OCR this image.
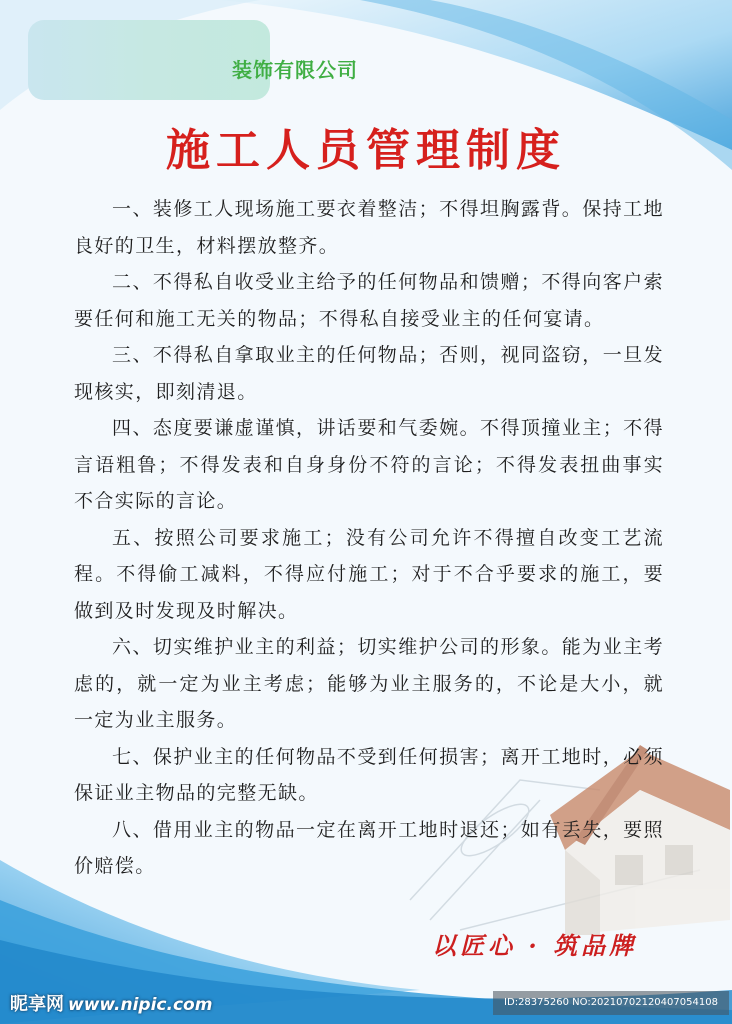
装饰有限公司
施工人员管理制度

一、装修工人现场施工要衣着整洁；不得坦胸露背。保持工地良好的卫生，材料摆放整齐。

二、不得私自收受业主给予的任何物品和馈赠；不得向客户索要任何和施工无关的物品；不得私自接受业主的任何宴请。

三、不得私自拿取业主的任何物品；否则，视同盗窃，一旦发现核实，即刻清退。

四、态度要谦虚谨慎，讲话要和气委婉。不得顶撞业主；不得言语粗鲁；不得发表和自身身份不符的言论；不得发表扭曲事实不合实际的言论。

五、按照公司要求施工；没有公司允许不得擅自改变工艺流程。不得偷工减料，不得应付施工；对于不合乎要求的施工，要做到及时发现及时解决。

六、切实维护业主的利益；切实维护公司的形象。能为业主考虑的，就一定为业主考虑；能够为业主服务的，不论是大小，就一定为业主服务。

七、保护业主的任何物品不受到任何损害；离开工地时，必须保证业主物品的完整无缺。

八、借用业主的物品一定在离开工地时退还；如有丢失，要照价赔偿。

以匠心 · 筑品牌
昵享网 www.nipic.com	ID:28375260 NO:20210702120407054108
